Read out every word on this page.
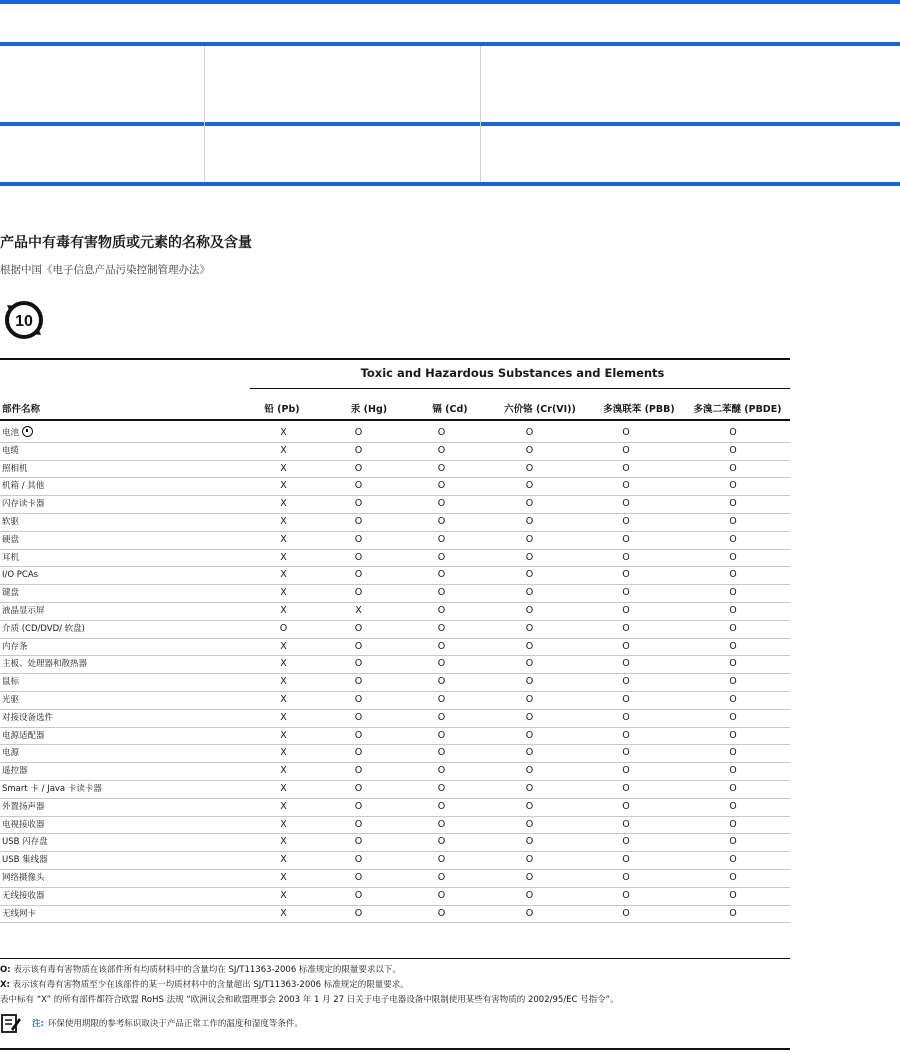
产品中有毒有害物质或元素的名称及含量
根据中国《电子信息产品污染控制管理办法》
10
Toxic and Hazardous Substances and Elements
部件名称	铅 (Pb)	汞 (Hg)	镉 (Cd)	六价铬 (Cr(VI))	多溴联苯 (PBB)	多溴二苯醚 (PBDE)
电池	X	O	O	O	O	O
电缆	X	O	O	O	O	O
照相机	X	O	O	O	O	O
机箱 / 其他	X	O	O	O	O	O
闪存读卡器	X	O	O	O	O	O
软驱	X	O	O	O	O	O
硬盘	X	O	O	O	O	O
耳机	X	O	O	O	O	O
I/O PCAs	X	O	O	O	O	O
键盘	X	O	O	O	O	O
液晶显示屏	X	X	O	O	O	O
介质 (CD/DVD/ 软盘)	O	O	O	O	O	O
内存条	X	O	O	O	O	O
主板、处理器和散热器	X	O	O	O	O	O
鼠标	X	O	O	O	O	O
光驱	X	O	O	O	O	O
对接设备选件	X	O	O	O	O	O
电源适配器	X	O	O	O	O	O
电源	X	O	O	O	O	O
遥控器	X	O	O	O	O	O
Smart 卡 / Java 卡读卡器	X	O	O	O	O	O
外置扬声器	X	O	O	O	O	O
电视接收器	X	O	O	O	O	O
USB 闪存盘	X	O	O	O	O	O
USB 集线器	X	O	O	O	O	O
网络摄像头	X	O	O	O	O	O
无线接收器	X	O	O	O	O	O
无线网卡	X	O	O	O	O	O
O: 表示该有毒有害物质在该部件所有均质材料中的含量均在 SJ/T11363-2006 标准规定的限量要求以下。
X: 表示该有毒有害物质至少在该部件的某一均质材料中的含量超出 SJ/T11363-2006 标准规定的限量要求。
表中标有 “X” 的所有部件都符合欧盟 RoHS 法规 “欧洲议会和欧盟理事会 2003 年 1 月 27 日关于电子电器设备中限制使用某些有害物质的 2002/95/EC 号指令”。
注: 环保使用期限的参考标识取决于产品正常工作的温度和湿度等条件。
